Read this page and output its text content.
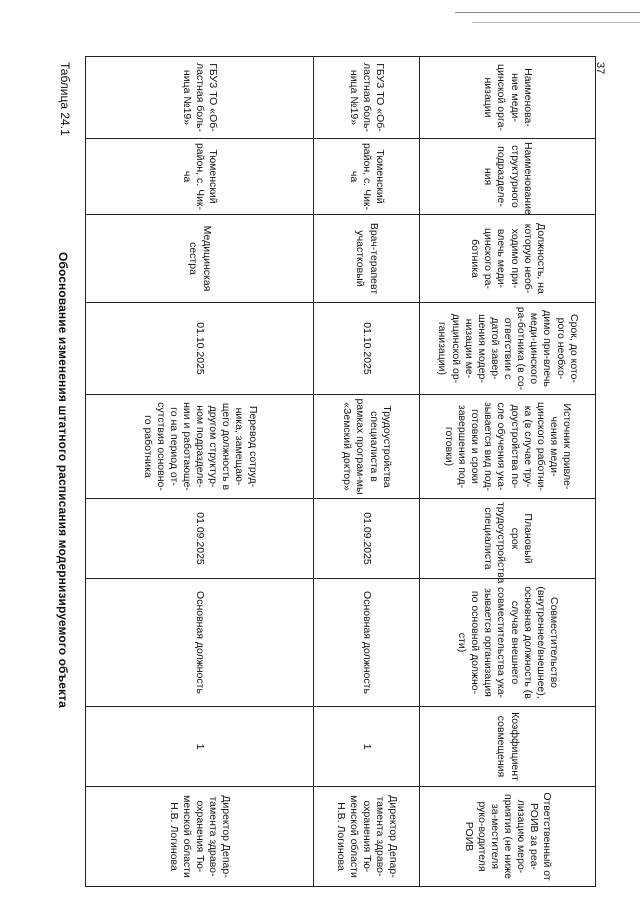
37
Таблица 24.1
Обоснование изменения штатного расписания модернизируемого объекта
Наименова-ние меди-цинской орга-низации	Наименование структурного подразделе-ния	Должность, на которую необ-ходимо при-влечь меди-цинского ра-ботника	Срок, до кото-рого необхо-димо при-влечь меди-цинского ра-ботника (в со-ответствии с датой завер-шения модер-низации ме-дицинской ор-ганизации)	Источник привле-чения меди-цинского работни-ка (в случае тру-доустройства по-сле обучения ука-зывается вид под-готовки и сроки завершения под-готовки)	Плановый срок трудоустройства специалиста	Совместительство (внутреннее/внешнее), основная должность (в случае внешнего совместительства ука-зывается организация по основной должно-сти)	Коэффициент совмещения	Ответственный от РОИВ за реа-лизацию меро-приятия (не ниже за-местителя руко-водителя РОИВ
ГБУЗ ТО «Об-ластная боль-ница №19»	Тюменский район, с. Чик-ча	Врач-терапевт участковый	01.10.2025	Трудоустройства специалиста в рамках програм-мы «Земский доктор»	01.09.2025	Основная должность	1	Директор Депар-тамента здраво-охранения Тю-менской области Н.В. Логинова
ГБУЗ ТО «Об-ластная боль-ница №19»	Тюменский район, с. Чик-ча	Медицинская сестра	01.10.2025	Перевод сотруд-ника, замещаю-щего должность в другом структур-ном подразделе-нии и работающе-го на период от-сутствия основно-го работника	01.09.2025	Основная должность	1	Директор Депар-тамента здраво-охранения Тю-менской области Н.В. Логинова
